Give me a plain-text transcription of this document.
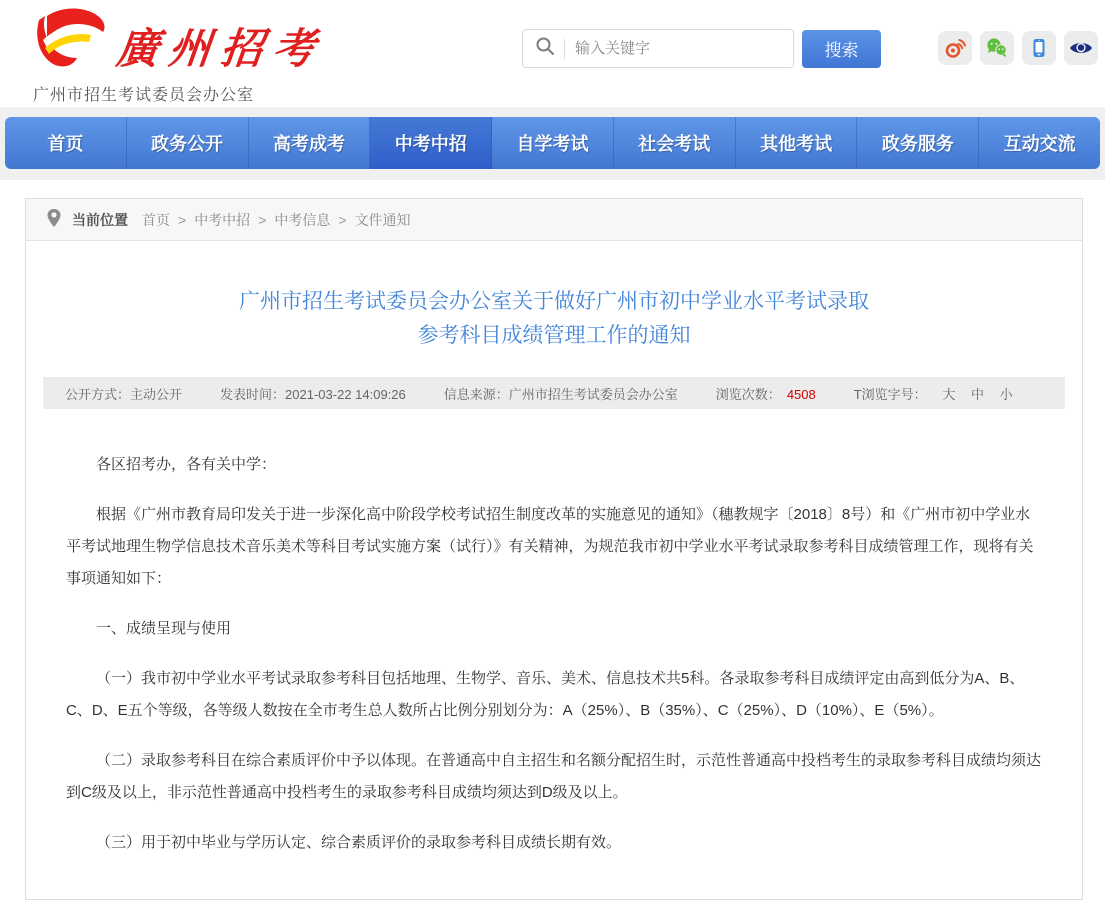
廣州招考
广州市招生考试委员会办公室
输入关键字
搜索
首页	政务公开	高考成考	中考中招	自学考试	社会考试	其他考试	政务服务	互动交流
当前位置 首页 > 中考中招 > 中考信息 > 文件通知
广州市招生考试委员会办公室关于做好广州市初中学业水平考试录取
参考科目成绩管理工作的通知
公开方式：主动公开	发表时间：2021-03-22 14:09:26	信息来源：广州市招生考试委员会办公室	浏览次数： 4508	T浏览字号： 大 中 小

各区招考办，各有关中学：

根据《广州市教育局印发关于进一步深化高中阶段学校考试招生制度改革的实施意见的通知》（穗教规字〔2018〕8号）和《广州市初中学业水平考试地理生物学信息技术音乐美术等科目考试实施方案（试行）》有关精神，为规范我市初中学业水平考试录取参考科目成绩管理工作，现将有关事项通知如下：

一、成绩呈现与使用

（一）我市初中学业水平考试录取参考科目包括地理、生物学、音乐、美术、信息技术共5科。各录取参考科目成绩评定由高到低分为A、B、C、D、E五个等级，各等级人数按在全市考生总人数所占比例分别划分为：A（25%）、B（35%）、C（25%）、D（10%）、E（5%）。

（二）录取参考科目在综合素质评价中予以体现。在普通高中自主招生和名额分配招生时，示范性普通高中投档考生的录取参考科目成绩均须达到C级及以上，非示范性普通高中投档考生的录取参考科目成绩均须达到D级及以上。

（三）用于初中毕业与学历认定、综合素质评价的录取参考科目成绩长期有效。
